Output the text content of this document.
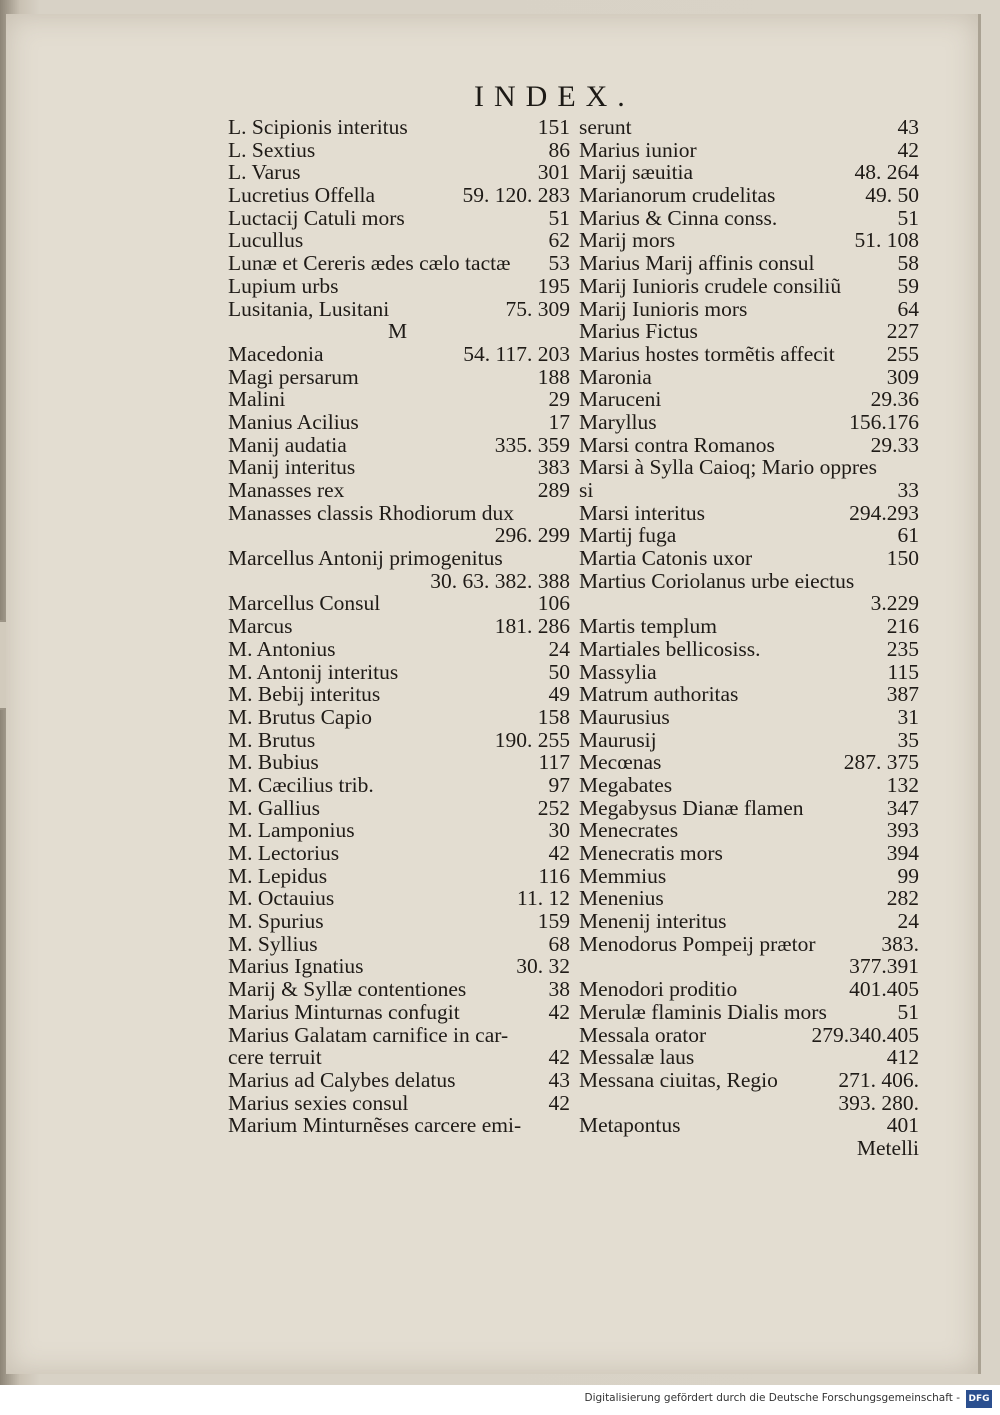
INDEX.
L. Scipionis interitus	151
L. Sextius	86
L. Varus	301
Lucretius Offella	59. 120. 283
Luctacij Catuli mors	51
Lucullus	62
Lunæ et Cereris ædes cælo tactæ 53
Lupium urbs	195
Lusitania, Lusitani	75. 309
M
Macedonia	54. 117. 203
Magi persarum	188
Malini	29
Manius Acilius	17
Manij audatia	335. 359
Manij interitus	383
Manasses rex	289
Manasses classis Rhodiorum dux
296. 299
Marcellus Antonij primogenitus
30. 63. 382. 388
Marcellus Consul	106
Marcus	181. 286
M. Antonius	24
M. Antonij interitus	50
M. Bebij interitus	49
M. Brutus Capio	158
M. Brutus	190. 255
M. Bubius	117
M. Cæcilius trib.	97
M. Gallius	252
M. Lamponius	30
M. Lectorius	42
M. Lepidus	116
M. Octauius	11. 12
M. Spurius	159
M. Syllius	68
Marius Ignatius	30. 32
Marij & Syllæ contentiones	38
Marius Minturnas confugit	42
Marius Galatam carnifice in car-
cere terruit	42
Marius ad Calybes delatus	43
Marius sexies consul	42
Marium Minturnẽses carcere emi-
serunt	43
Marius iunior	42
Marij sæuitia	48. 264
Marianorum crudelitas	49. 50
Marius & Cinna conss.	51
Marij mors	51. 108
Marius Marij affinis consul	58
Marij Iunioris crudele consiliũ	59
Marij Iunioris mors	64
Marius Fictus	227
Marius hostes tormẽtis affecit 255
Maronia	309
Maruceni	29.36
Maryllus	156.176
Marsi contra Romanos	29.33
Marsi à Sylla Caioq; Mario oppres
si	33
Marsi interitus	294.293
Martij fuga	61
Martia Catonis uxor	150
Martius Coriolanus urbe eiectus
3.229
Martis templum	216
Martiales bellicosiss.	235
Massylia	115
Matrum authoritas	387
Maurusius	31
Maurusij	35
Mecœnas	287. 375
Megabates	132
Megabysus Dianæ flamen	347
Menecrates	393
Menecratis mors	394
Memmius	99
Menenius	282
Menenij interitus	24
Menodorus Pompeij prætor	383.
377.391
Menodori proditio	401.405
Merulæ flaminis Dialis mors	51
Messala orator	279.340.405
Messalæ laus	412
Messana ciuitas, Regio	271. 406.
393. 280.
Metapontus	401
Metelli
Digitalisierung gefördert durch die Deutsche Forschungsgemeinschaft - DFG
